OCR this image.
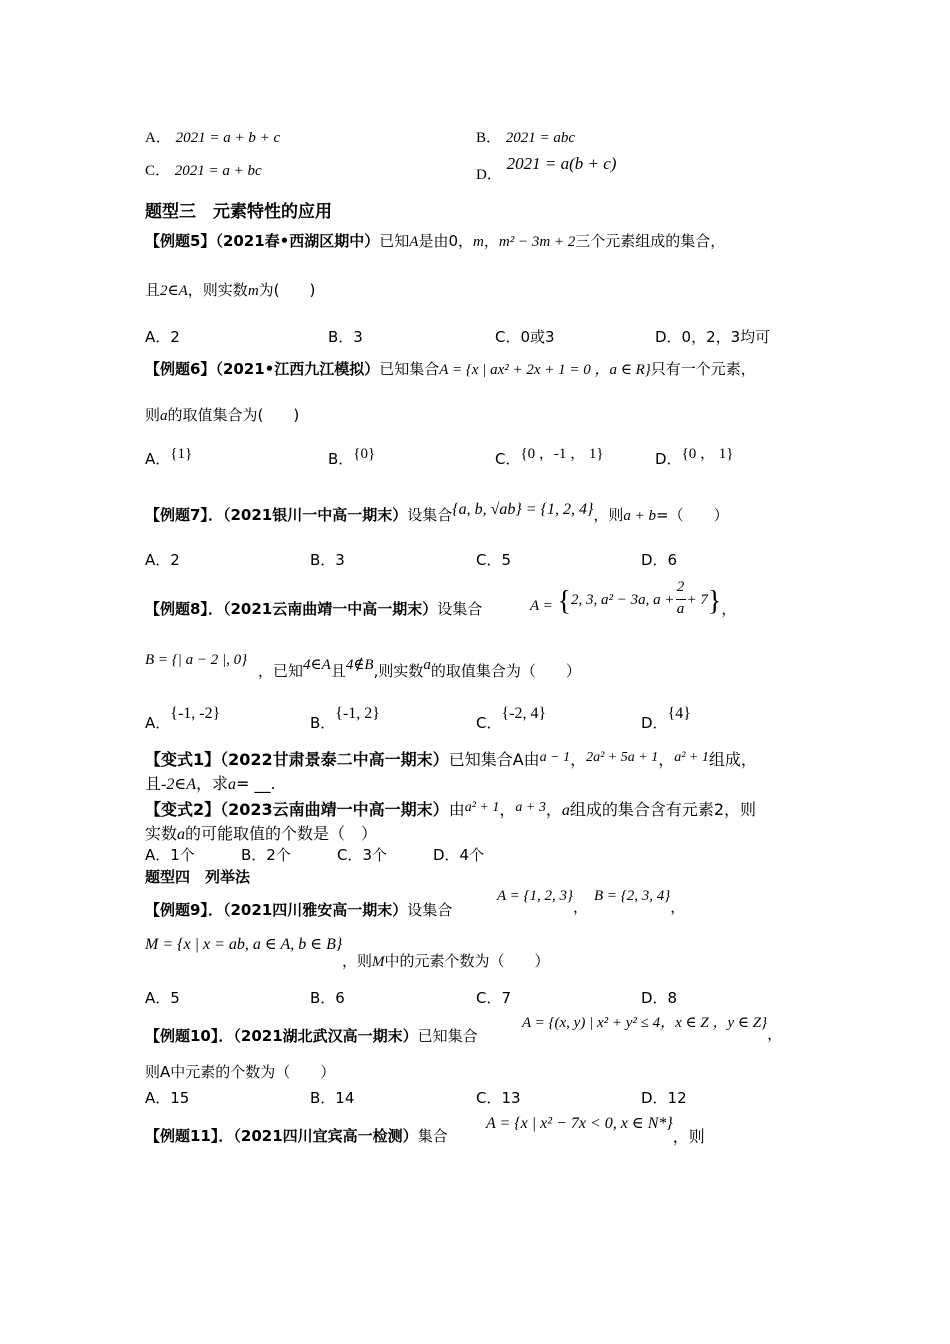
A． 2021 = a + b + c	B． 2021 = abc
C． 2021 = a + bc	D． 2021 = a(b + c)
题型三　元素特性的应用
【例题5】（2021春•西湖区期中）已知A是由0，m，m² − 3m + 2三个元素组成的集合，
且2∈A，则实数m为(　　)
A．2	B．3	C．0或3	D．0，2，3均可
【例题6】（2021•江西九江模拟）已知集合A = {x | ax² + 2x + 1 = 0 ，a ∈ R}只有一个元素，
则a的取值集合为(　　)
A．{1}	B．{0}	C．{0 ，-1 ， 1}	D．{0 ， 1}
【例题7】．（2021银川一中高一期末）设集合{a, b, √ab} = {1, 2, 4}，则a + b=（　　）
A．2	B．3	C．5	D．6
【例题8】．（2021云南曲靖一中高一期末）设集合	A = {2, 3, a² − 3a, $a + \frac{2}{a} + 7$}，
B = {| a − 2 |, 0}
，已知4∈A且4∉B,则实数a的取值集合为（　　）
A．{-1, -2}
B．{-1, 2}
C．{-2, 4}
D．{4}
【变式1】（2022甘肃景泰二中高一期末）已知集合A由a − 1，2a² + 5a + 1，a² + 1组成，
且-2∈A，求a= __.
【变式2】（2023云南曲靖一中高一期末）由a² + 1，a + 3，a组成的集合含有元素2，则
实数a的可能取值的个数是（　）
A．1个	B．2个	C．3个	D．4个
题型四　列举法
【例题9】．（2021四川雅安高一期末）设集合
A = {1, 2, 3}，
B = {2, 3, 4}，
M = {x | x = ab, a ∈ A, b ∈ B}
，则M中的元素个数为（　　）
A．5	B．6	C．7	D．8
【例题10】．（2021湖北武汉高一期末）已知集合
A = {(x, y) | x² + y² ≤ 4，x ∈ Z ，y ∈ Z}，
则A中元素的个数为（　　）
A．15	B．14	C．13	D．12
【例题11】．（2021四川宜宾高一检测）集合
A = {x | x² − 7x < 0, x ∈ N*}，则
